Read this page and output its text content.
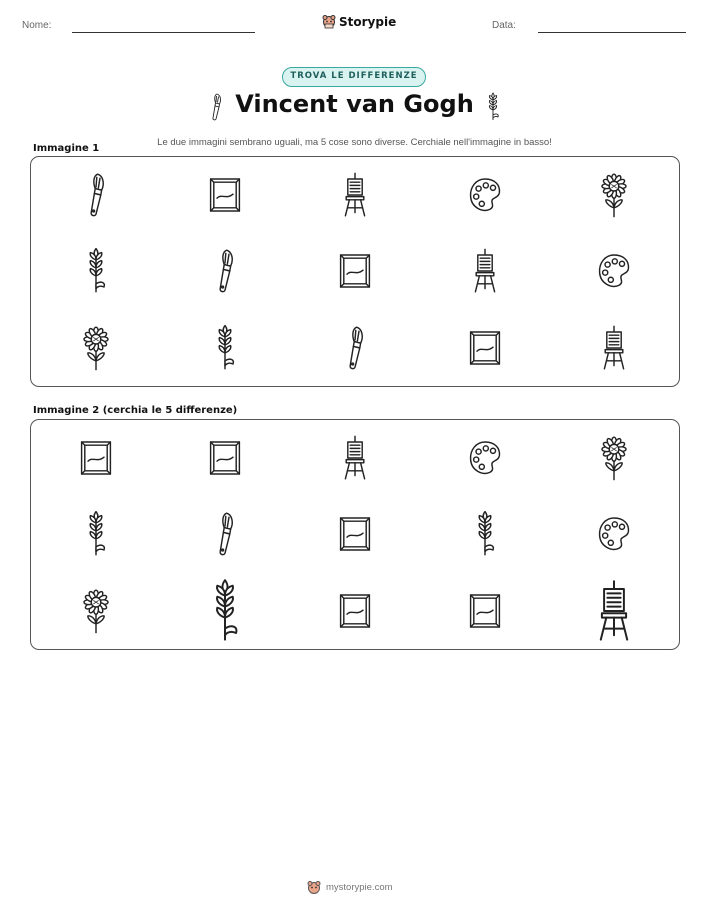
Nome:	Storypie	Data:
TROVA LE DIFFERENZE
Vincent van Gogh

Le due immagini sembrano uguali, ma 5 cose sono diverse. Cerchiale nell'immagine in basso!

Immagine 1
Immagine 2 (cerchia le 5 differenze)
mystorypie.com
